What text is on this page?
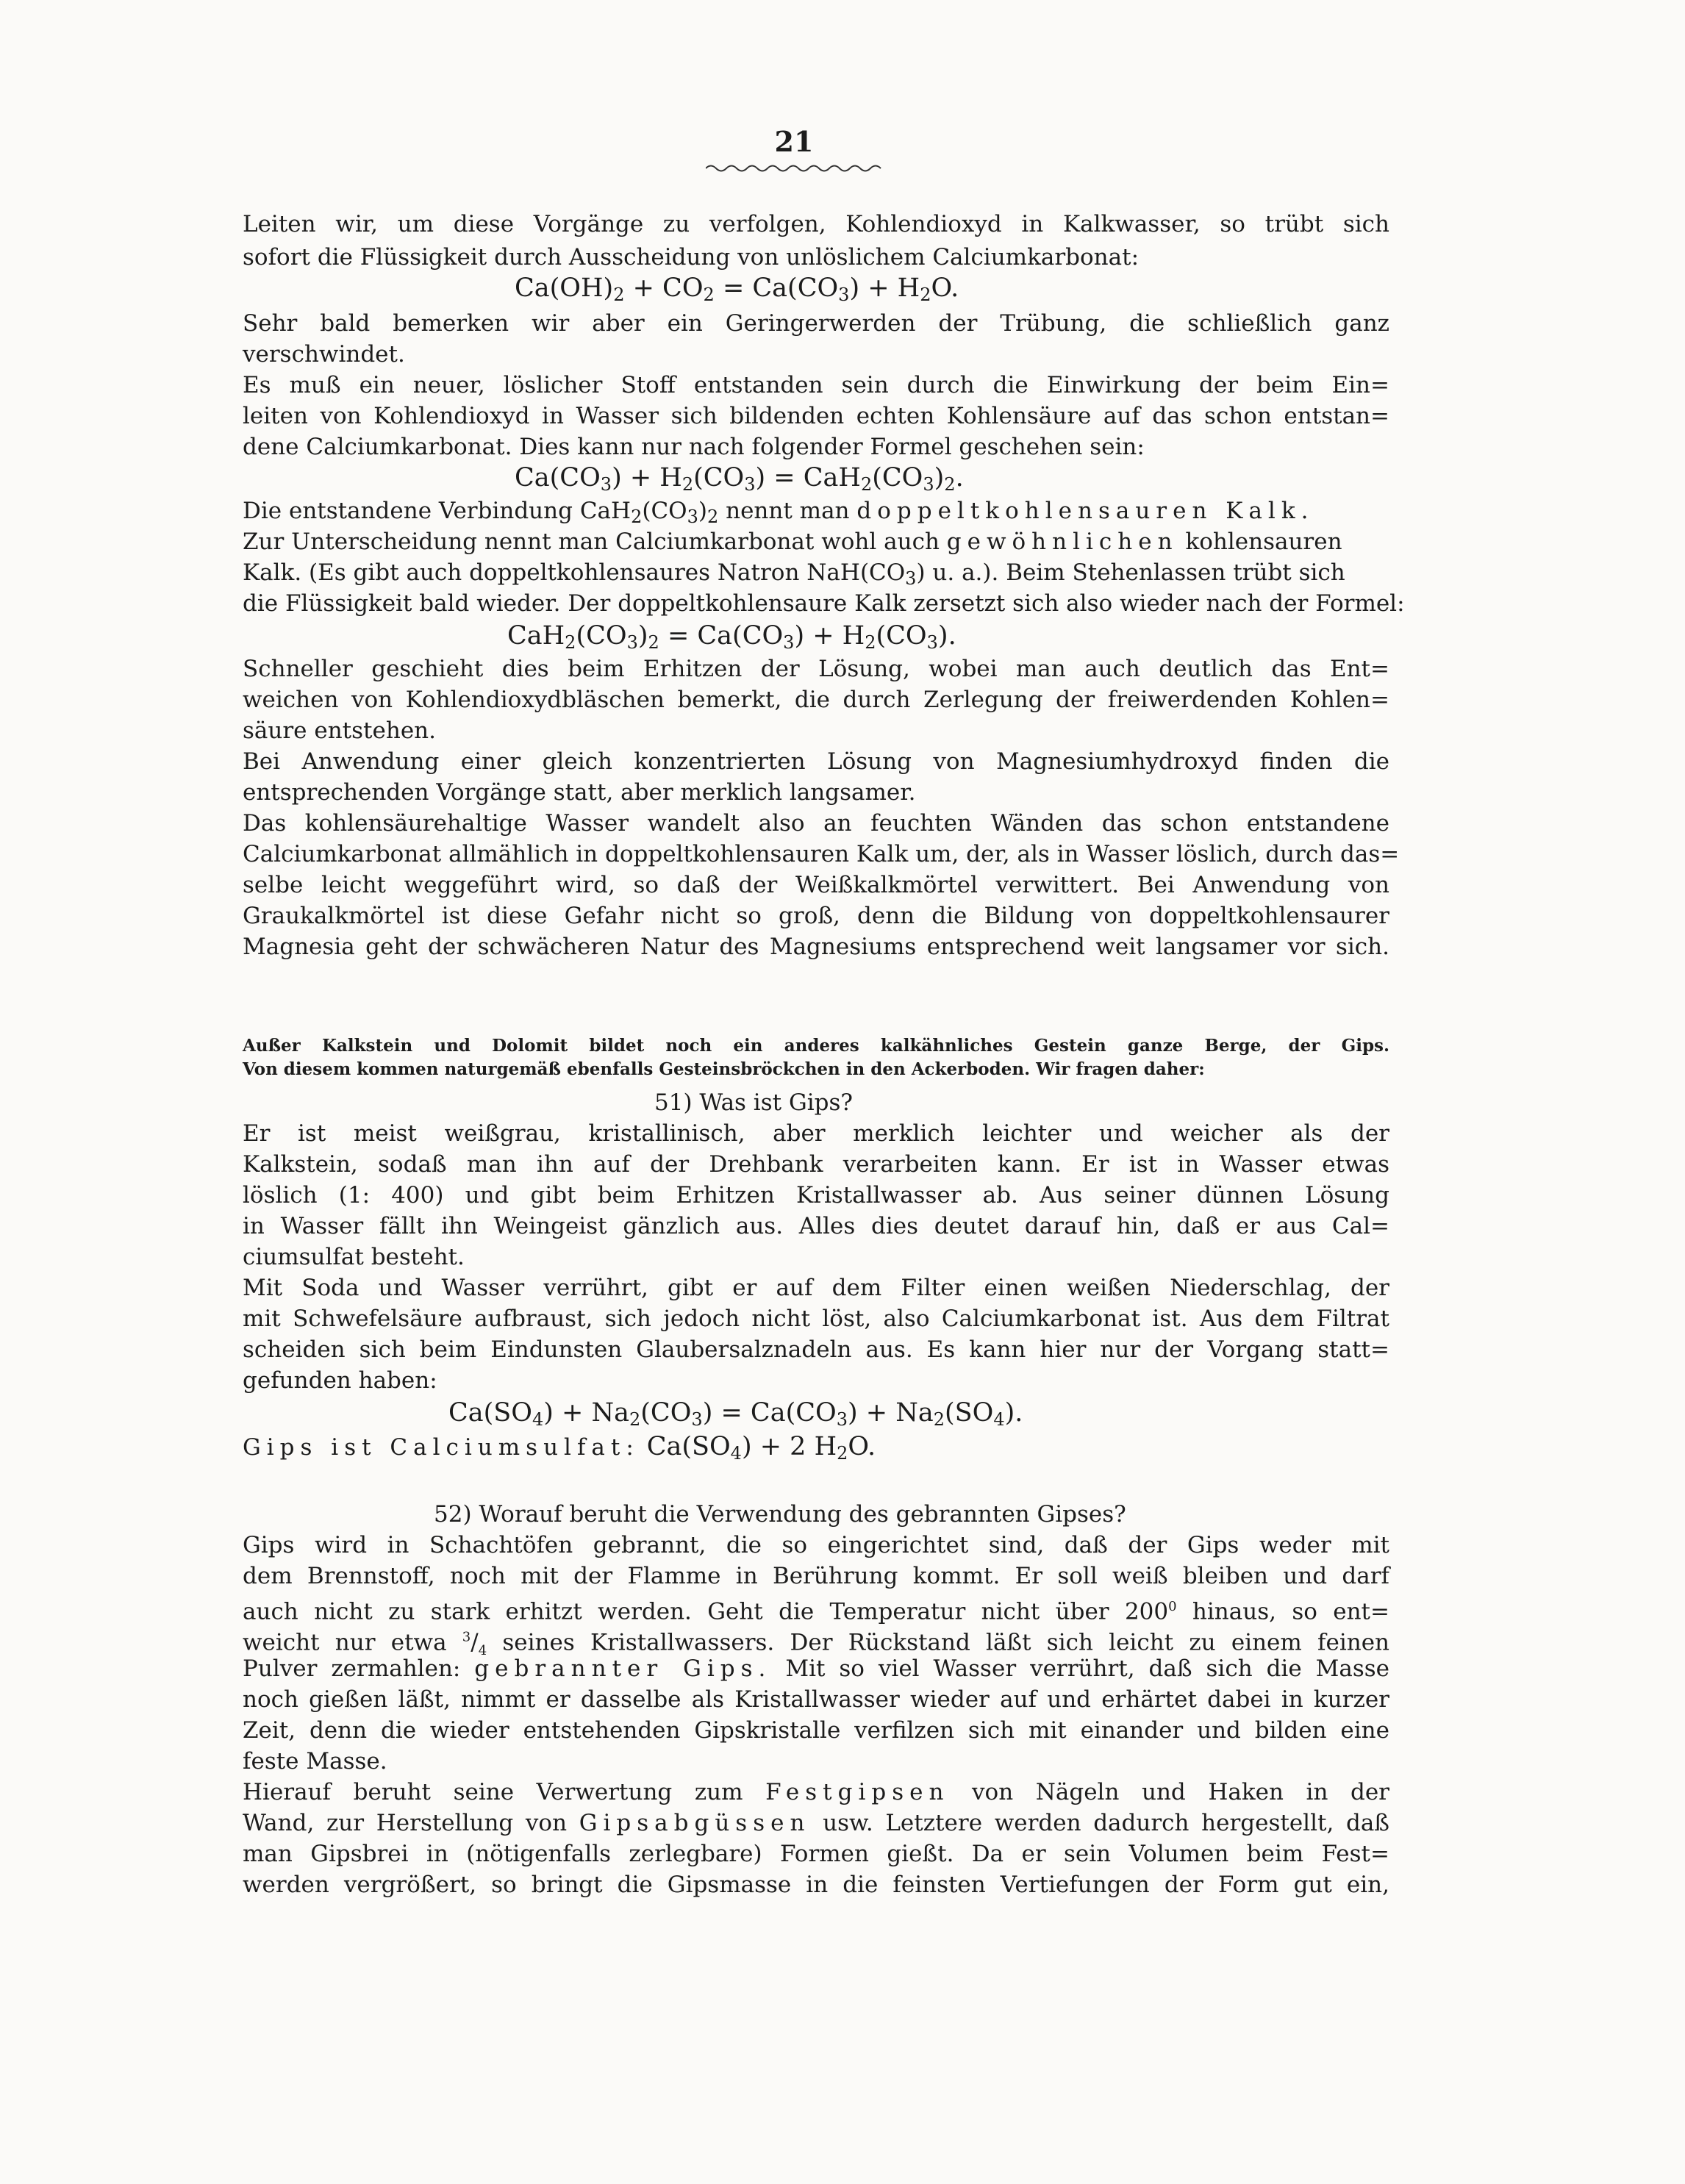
21
Leiten wir, um diese Vorgänge zu verfolgen, Kohlendioxyd in Kalkwasser, so trübt sich
sofort die Flüssigkeit durch Ausscheidung von unlöslichem Calciumkarbonat:
Ca(OH)2 + CO2 = Ca(CO3) + H2O.
Sehr bald bemerken wir aber ein Geringerwerden der Trübung, die schließlich ganz
verschwindet.
Es muß ein neuer, löslicher Stoff entstanden sein durch die Einwirkung der beim Ein=
leiten von Kohlendioxyd in Wasser sich bildenden echten Kohlensäure auf das schon entstan=
dene Calciumkarbonat. Dies kann nur nach folgender Formel geschehen sein:
Ca(CO3) + H2(CO3) = CaH2(CO3)2.
Die entstandene Verbindung CaH2(CO3)2 nennt man doppeltkohlensauren Kalk.
Zur Unterscheidung nennt man Calciumkarbonat wohl auch gewöhnlichen kohlensauren
Kalk. (Es gibt auch doppeltkohlensaures Natron NaH(CO3) u. a.). Beim Stehenlassen trübt sich
die Flüssigkeit bald wieder. Der doppeltkohlensaure Kalk zersetzt sich also wieder nach der Formel:
CaH2(CO3)2 = Ca(CO3) + H2(CO3).
Schneller geschieht dies beim Erhitzen der Lösung, wobei man auch deutlich das Ent=
weichen von Kohlendioxydbläschen bemerkt, die durch Zerlegung der freiwerdenden Kohlen=
säure entstehen.
Bei Anwendung einer gleich konzentrierten Lösung von Magnesiumhydroxyd finden die
entsprechenden Vorgänge statt, aber merklich langsamer.
Das kohlensäurehaltige Wasser wandelt also an feuchten Wänden das schon entstandene
Calciumkarbonat allmählich in doppeltkohlensauren Kalk um, der, als in Wasser löslich, durch das=
selbe leicht weggeführt wird, so daß der Weißkalkmörtel verwittert. Bei Anwendung von
Graukalkmörtel ist diese Gefahr nicht so groß, denn die Bildung von doppeltkohlensaurer
Magnesia geht der schwächeren Natur des Magnesiums entsprechend weit langsamer vor sich.
Außer Kalkstein und Dolomit bildet noch ein anderes kalkähnliches Gestein ganze Berge, der Gips.
Von diesem kommen naturgemäß ebenfalls Gesteinsbröckchen in den Ackerboden. Wir fragen daher:
51) Was ist Gips?
Er ist meist weißgrau, kristallinisch, aber merklich leichter und weicher als der
Kalkstein, sodaß man ihn auf der Drehbank verarbeiten kann. Er ist in Wasser etwas
löslich (1: 400) und gibt beim Erhitzen Kristallwasser ab. Aus seiner dünnen Lösung
in Wasser fällt ihn Weingeist gänzlich aus. Alles dies deutet darauf hin, daß er aus Cal=
ciumsulfat besteht.
Mit Soda und Wasser verrührt, gibt er auf dem Filter einen weißen Niederschlag, der
mit Schwefelsäure aufbraust, sich jedoch nicht löst, also Calciumkarbonat ist. Aus dem Filtrat
scheiden sich beim Eindunsten Glaubersalznadeln aus. Es kann hier nur der Vorgang statt=
gefunden haben:
Ca(SO4) + Na2(CO3) = Ca(CO3) + Na2(SO4).
Gips ist Calciumsulfat: Ca(SO4) + 2 H2O.
52) Worauf beruht die Verwendung des gebrannten Gipses?
Gips wird in Schachtöfen gebrannt, die so eingerichtet sind, daß der Gips weder mit
dem Brennstoff, noch mit der Flamme in Berührung kommt. Er soll weiß bleiben und darf
auch nicht zu stark erhitzt werden. Geht die Temperatur nicht über $200^0$ hinaus, so ent=
weicht nur etwa $^3/_4$ seines Kristallwassers. Der Rückstand läßt sich leicht zu einem feinen
Pulver zermahlen: gebrannter Gips. Mit so viel Wasser verrührt, daß sich die Masse
noch gießen läßt, nimmt er dasselbe als Kristallwasser wieder auf und erhärtet dabei in kurzer
Zeit, denn die wieder entstehenden Gipskristalle verfilzen sich mit einander und bilden eine
feste Masse.
Hierauf beruht seine Verwertung zum Festgipsen von Nägeln und Haken in der
Wand, zur Herstellung von Gipsabgüssen usw. Letztere werden dadurch hergestellt, daß
man Gipsbrei in (nötigenfalls zerlegbare) Formen gießt. Da er sein Volumen beim Fest=
werden vergrößert, so bringt die Gipsmasse in die feinsten Vertiefungen der Form gut ein,
